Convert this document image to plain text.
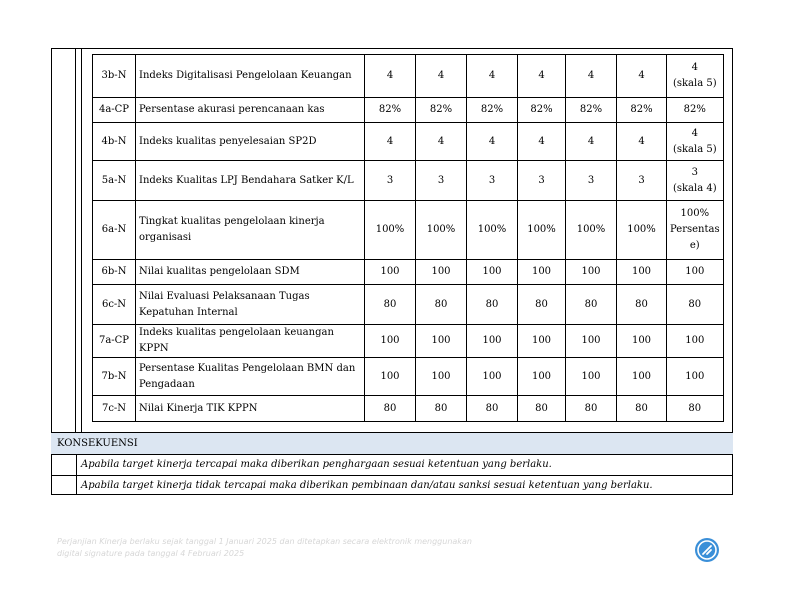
3b-N	Indeks Digitalisasi Pengelolaan Keuangan	4	4	4	4	4	4	4
(skala 5)
4a-CP	Persentase akurasi perencanaan kas	82%	82%	82%	82%	82%	82%	82%
4b-N	Indeks kualitas penyelesaian SP2D	4	4	4	4	4	4	4
(skala 5)
5a-N	Indeks Kualitas LPJ Bendahara Satker K/L	3	3	3	3	3	3	3
(skala 4)
6a-N	Tingkat kualitas pengelolaan kinerja organisasi	100%	100%	100%	100%	100%	100%	100%
Persentas
e)
6b-N	Nilai kualitas pengelolaan SDM	100	100	100	100	100	100	100
6c-N	Nilai Evaluasi Pelaksanaan Tugas Kepatuhan Internal	80	80	80	80	80	80	80
7a-CP	Indeks kualitas pengelolaan keuangan KPPN	100	100	100	100	100	100	100
7b-N	Persentase Kualitas Pengelolaan BMN dan Pengadaan	100	100	100	100	100	100	100
7c-N	Nilai Kinerja TIK KPPN	80	80	80	80	80	80	80
KONSEKUENSI
Apabila target kinerja tercapai maka diberikan penghargaan sesuai ketentuan yang berlaku.
Apabila target kinerja tidak tercapai maka diberikan pembinaan dan/atau sanksi sesuai ketentuan yang berlaku.
Perjanjian Kinerja berlaku sejak tanggal 1 Januari 2025 dan ditetapkan secara elektronik menggunakan
digital signature pada tanggal 4 Februari 2025
